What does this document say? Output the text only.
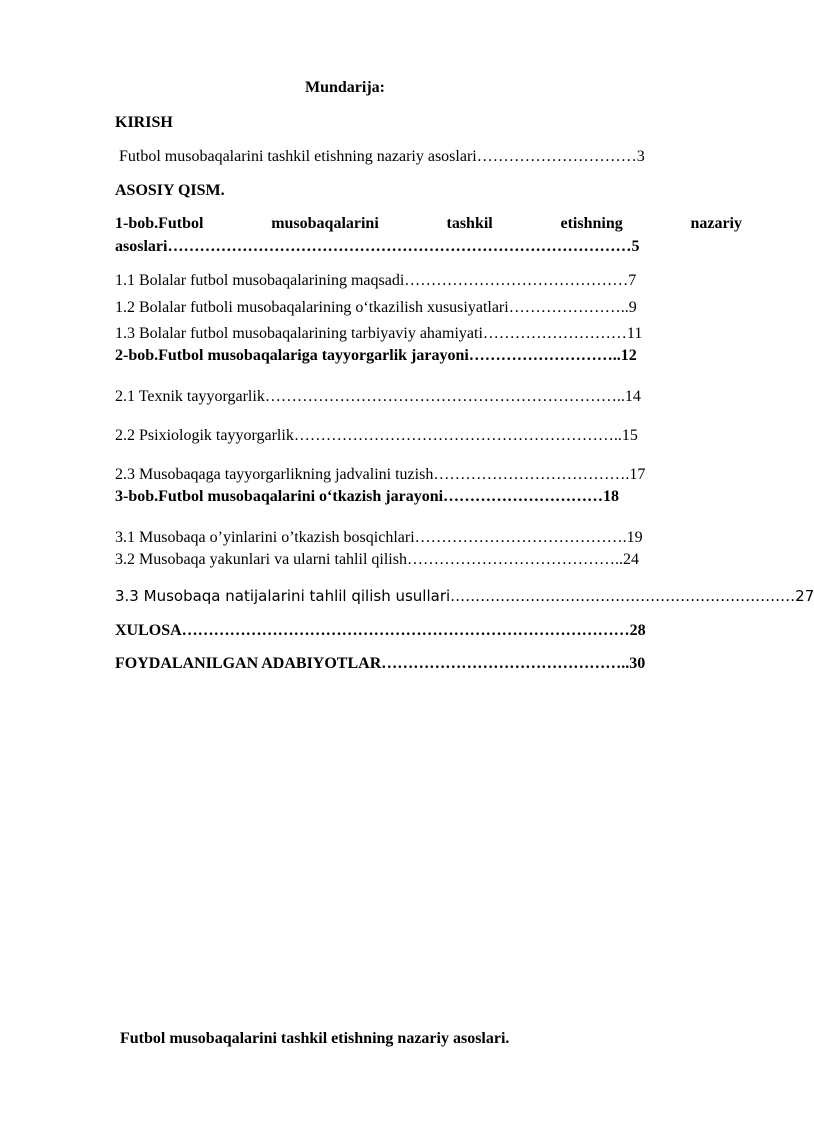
Mundarija:
KIRISH
Futbol musobaqalarini tashkil etishning nazariy asoslari…………………………3
ASOSIY QISM.
1-bob.Futbol	musobaqalarini	tashkil	etishning	nazariy
asoslari……………………………………………………………………………5
1.1 Bolalar futbol musobaqalarining maqsadi……………………………………7
1.2 Bolalar futboli musobaqalarining o‘tkazilish xususiyatlari…………………..9
1.3 Bolalar futbol musobaqalarining tarbiyaviy ahamiyati………………………11
2-bob.Futbol musobaqalariga tayyorgarlik jarayoni………………………..12
2.1 Texnik tayyorgarlik…………………………………………………………..14
2.2 Psixiologik tayyorgarlik……………………………………………………..15
2.3 Musobaqaga tayyorgarlikning jadvalini tuzish……………………………….17
3-bob.Futbol musobaqalarini o‘tkazish jarayoni…………………………18
3.1 Musobaqa o’yinlarini o’tkazish bosqichlari………………………………….19
3.2 Musobaqa yakunlari va ularni tahlil qilish…………………………………..24
3.3 Musobaqa natijalarini tahlil qilish usullari……………………………………………………………27
XULOSA…………………………………………………………………………28
FOYDALANILGAN ADABIYOTLAR………………………………………..30
Futbol musobaqalarini tashkil etishning nazariy asoslari.
